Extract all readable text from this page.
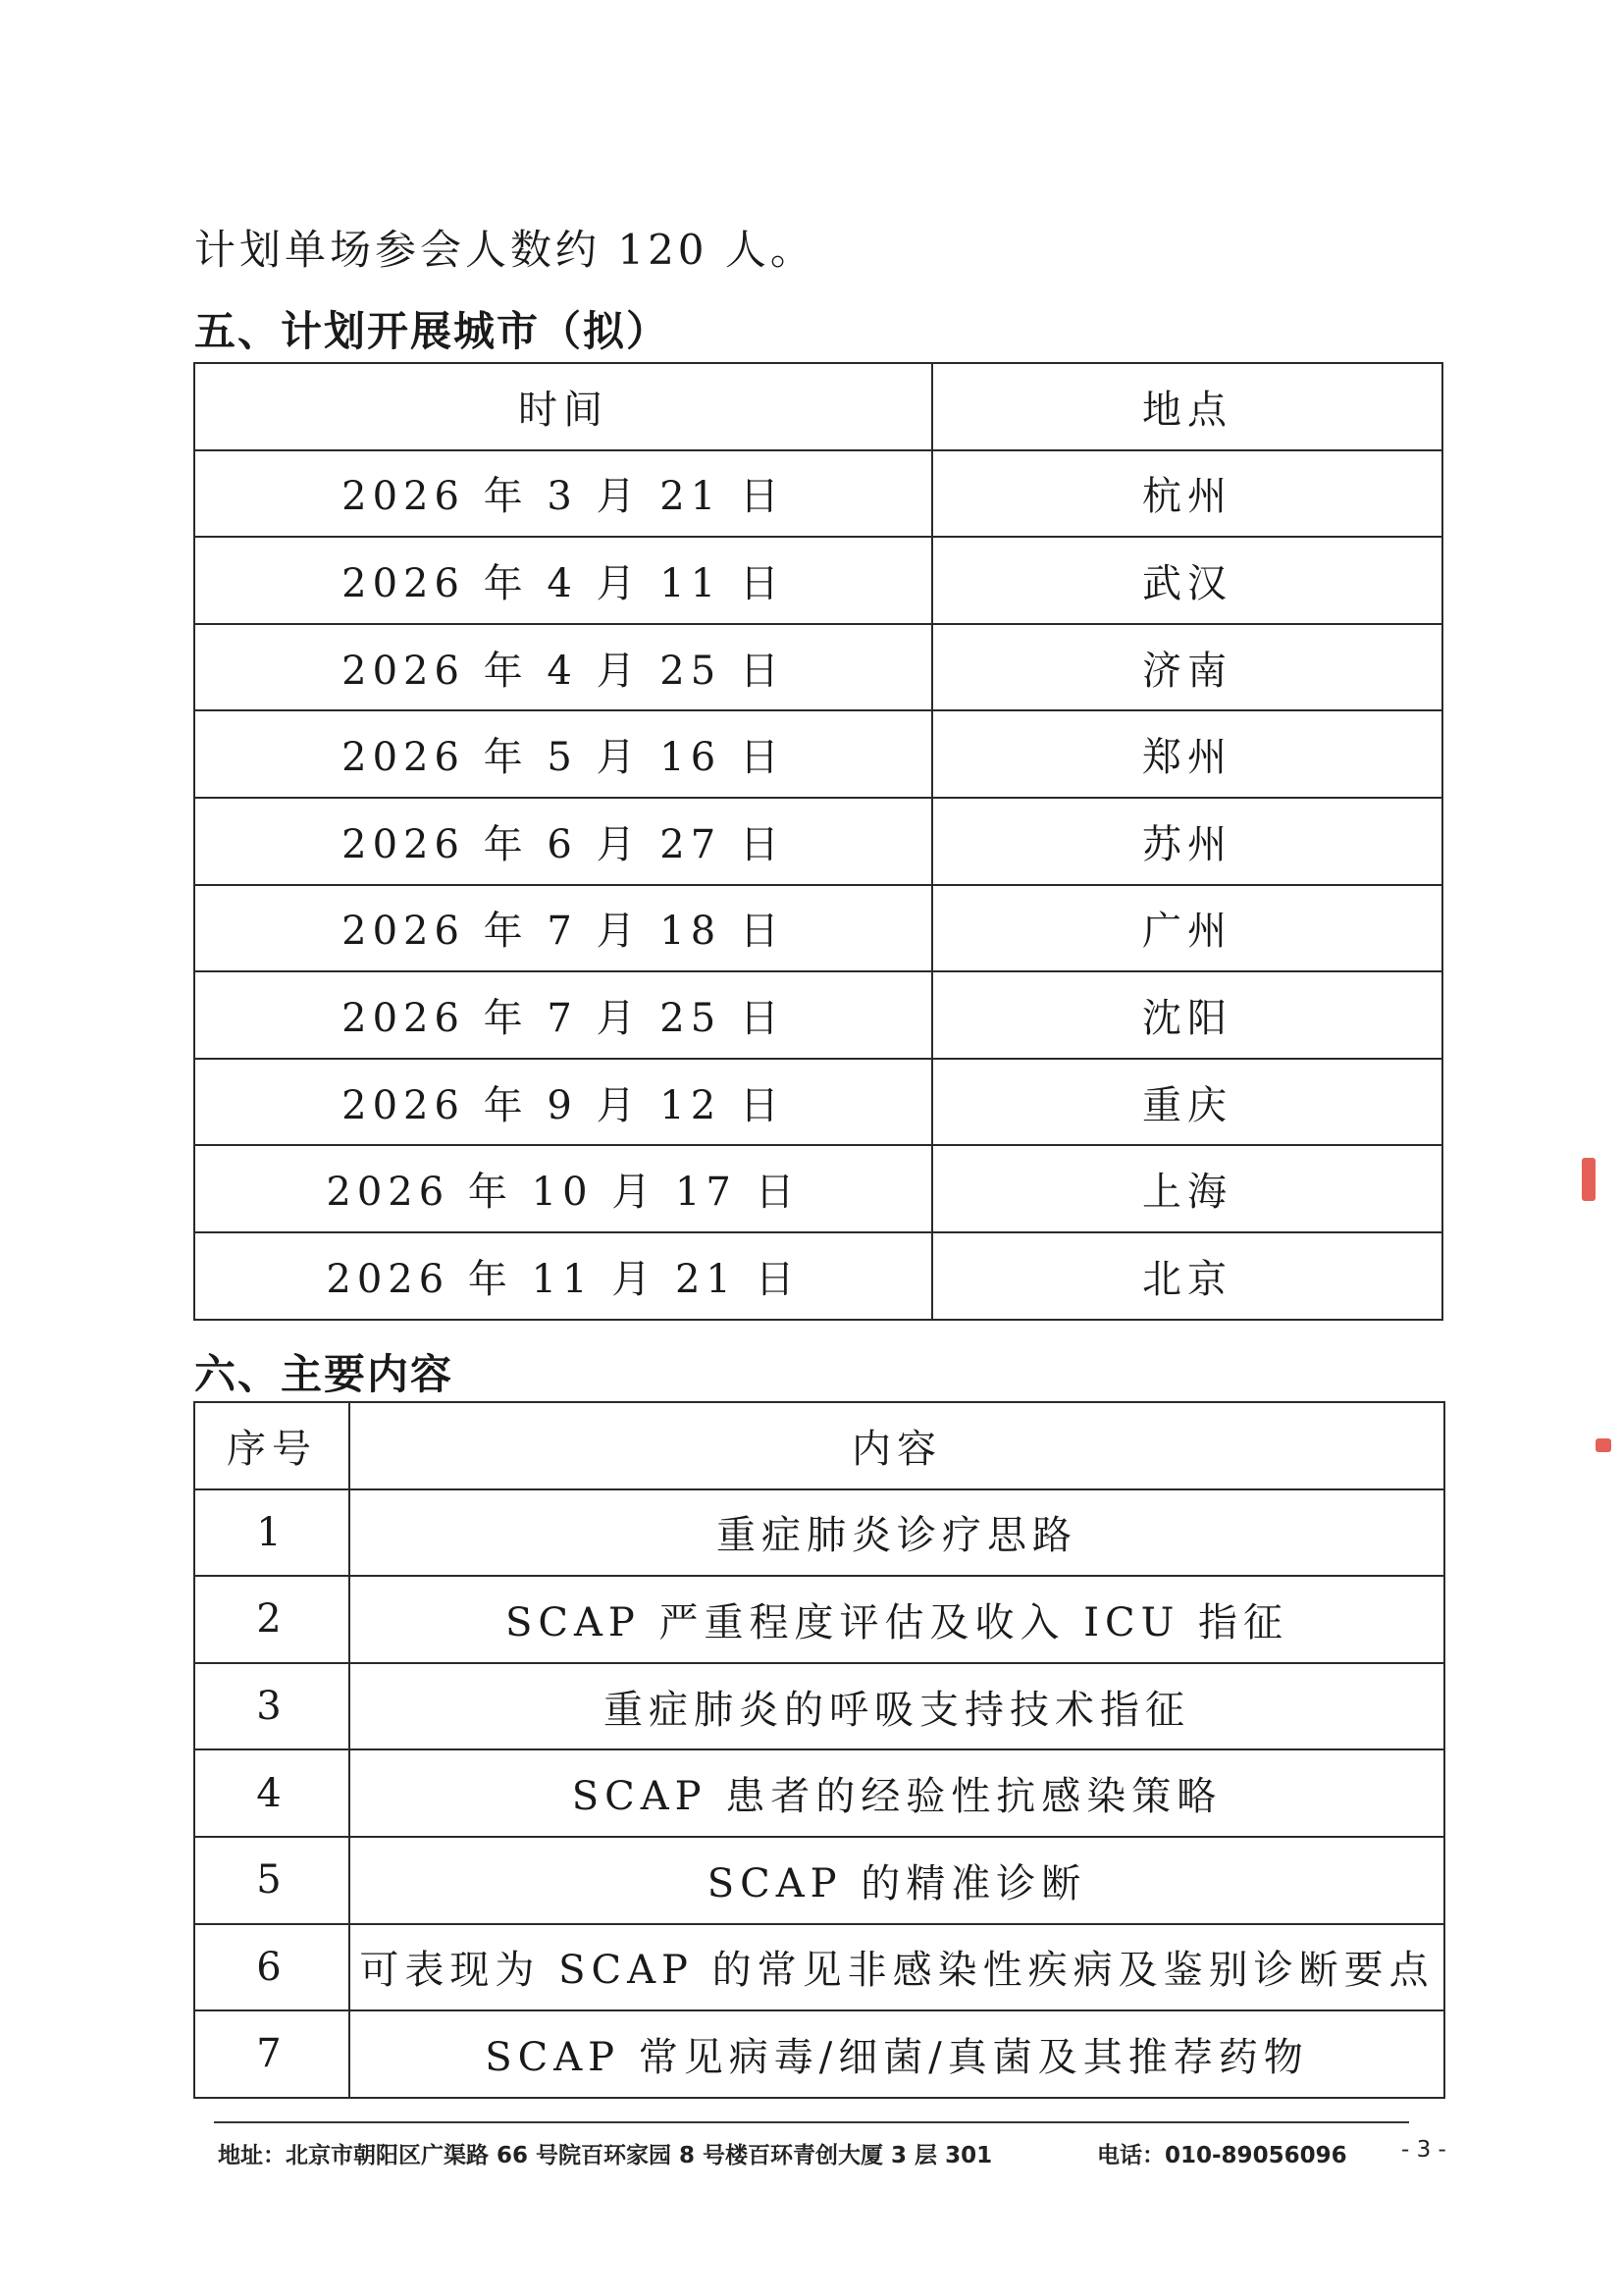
计划单场参会人数约 120 人。

五、计划开展城市（拟）
时间	地点
2026 年 3 月 21 日	杭州
2026 年 4 月 11 日	武汉
2026 年 4 月 25 日	济南
2026 年 5 月 16 日	郑州
2026 年 6 月 27 日	苏州
2026 年 7 月 18 日	广州
2026 年 7 月 25 日	沈阳
2026 年 9 月 12 日	重庆
2026 年 10 月 17 日	上海
2026 年 11 月 21 日	北京
六、主要内容
序号	内容
1	重症肺炎诊疗思路
2	SCAP 严重程度评估及收入 ICU 指征
3	重症肺炎的呼吸支持技术指征
4	SCAP 患者的经验性抗感染策略
5	SCAP 的精准诊断
6	可表现为 SCAP 的常见非感染性疾病及鉴别诊断要点
7	SCAP 常见病毒/细菌/真菌及其推荐药物

地址：北京市朝阳区广渠路 66 号院百环家园 8 号楼百环青创大厦 3 层 301	电话：010-89056096 - 3 -
